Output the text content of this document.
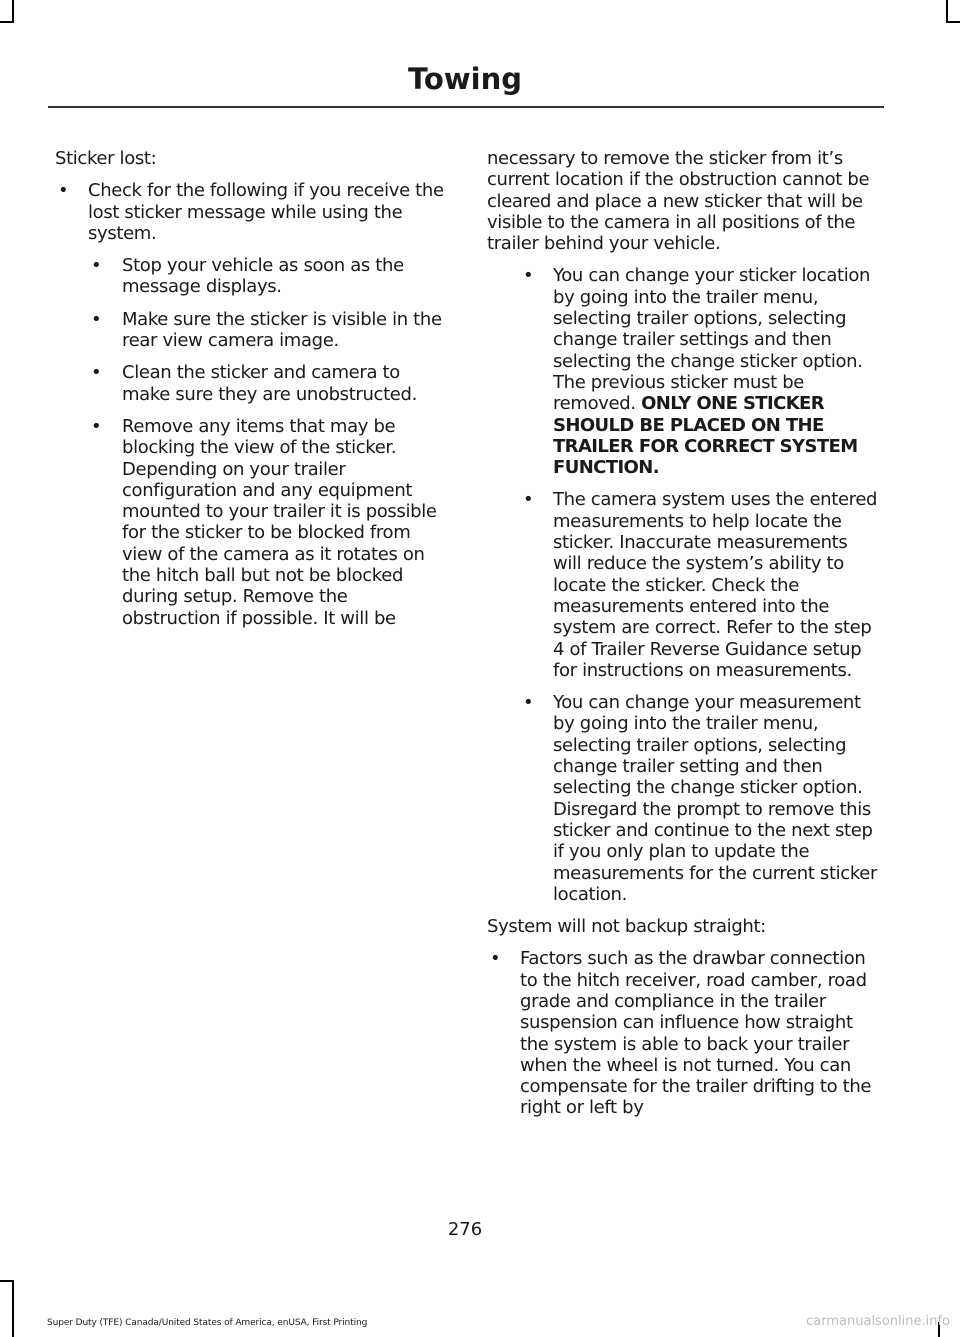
Towing

Sticker lost:

• Check for the following if you receive the lost sticker message while using the system.
• Stop your vehicle as soon as the message displays.
• Make sure the sticker is visible in the rear view camera image.
• Clean the sticker and camera to make sure they are unobstructed.
• Remove any items that may be blocking the view of the sticker. Depending on your trailer configuration and any equipment mounted to your trailer it is possible for the sticker to be blocked from view of the camera as it rotates on the hitch ball but not be blocked during setup. Remove the obstruction if possible. It will be

necessary to remove the sticker from it’s current location if the obstruction cannot be cleared and place a new sticker that will be visible to the camera in all positions of the trailer behind your vehicle.

• You can change your sticker location by going into the trailer menu, selecting trailer options, selecting change trailer settings and then selecting the change sticker option. The previous sticker must be removed. ONLY ONE STICKER SHOULD BE PLACED ON THE TRAILER FOR CORRECT SYSTEM FUNCTION.
• The camera system uses the entered measurements to help locate the sticker. Inaccurate measurements will reduce the system’s ability to locate the sticker. Check the measurements entered into the system are correct. Refer to the step 4 of Trailer Reverse Guidance setup for instructions on measurements.
• You can change your measurement by going into the trailer menu, selecting trailer options, selecting change trailer setting and then selecting the change sticker option. Disregard the prompt to remove this sticker and continue to the next step if you only plan to update the measurements for the current sticker location.

System will not backup straight:

• Factors such as the drawbar connection to the hitch receiver, road camber, road grade and compliance in the trailer suspension can influence how straight the system is able to back your trailer when the wheel is not turned. You can compensate for the trailer drifting to the right or left by

276

Super Duty (TFE) Canada/United States of America, enUSA, First Printing	carmanualsonline.info
